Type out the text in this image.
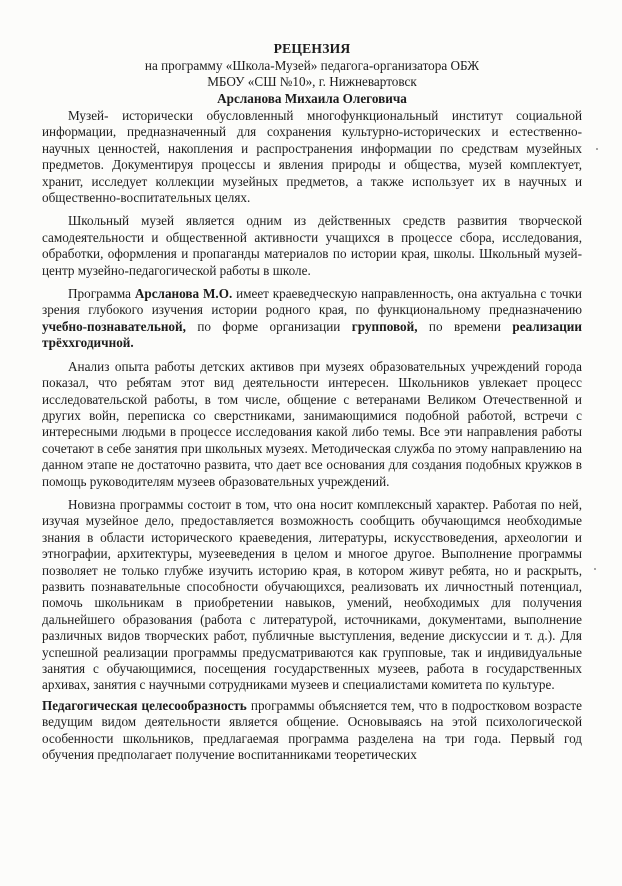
РЕЦЕНЗИЯ
на программу «Школа-Музей» педагога-организатора ОБЖ
МБОУ «СШ №10», г. Нижневартовск
Арсланова Михаила Олеговича

Музей- исторически обусловленный многофункциональный институт социальной информации, предназначенный для сохранения культурно-исторических и естественно-научных ценностей, накопления и распространения информации по средствам музейных предметов. Документируя процессы и явления природы и общества, музей комплектует, хранит, исследует коллекции музейных предметов, а также использует их в научных и общественно-воспитательных целях.

Школьный музей является одним из действенных средств развития творческой самодеятельности и общественной активности учащихся в процессе сбора, исследования, обработки, оформления и пропаганды материалов по истории края, школы. Школьный музей- центр музейно-педагогической работы в школе.

Программа Арсланова М.О. имеет краеведческую направленность, она актуальна с точки зрения глубокого изучения истории родного края, по функциональному предназначению учебно-познавательной, по форме организации групповой, по времени реализации трёххгодичной.

Анализ опыта работы детских активов при музеях образовательных учреждений города показал, что ребятам этот вид деятельности интересен. Школьников увлекает процесс исследовательской работы, в том числе, общение с ветеранами Великом Отечественной и других войн, переписка со сверстниками, занимающимися подобной работой, встречи с интересными людьми в процессе исследования какой либо темы. Все эти направления работы сочетают в себе занятия при школьных музеях. Методическая служба по этому направлению на данном этапе не достаточно развита, что дает все основания для создания подобных кружков в помощь руководителям музеев образовательных учреждений.

Новизна программы состоит в том, что она носит комплексный характер. Работая по ней, изучая музейное дело, предоставляется возможность сообщить обучающимся необходимые знания в области исторического краеведения, литературы, искусствоведения, археологии и этнографии, архитектуры, музееведения в целом и многое другое. Выполнение программы позволяет не только глубже изучить историю края, в котором живут ребята, но и раскрыть, развить познавательные способности обучающихся, реализовать их личностный потенциал, помочь школьникам в приобретении навыков, умений, необходимых для получения дальнейшего образования (работа с литературой, источниками, документами, выполнение различных видов творческих работ, публичные выступления, ведение дискуссии и т. д.). Для успешной реализации программы предусматриваются как групповые, так и индивидуальные занятия с обучающимися, посещения государственных музеев, работа в государственных архивах, занятия с научными сотрудниками музеев и специалистами комитета по культуре.

Педагогическая целесообразность программы объясняется тем, что в подростковом возрасте ведущим видом деятельности является общение. Основываясь на этой психологической особенности школьников, предлагаемая программа разделена на три года. Первый год обучения предполагает получение воспитанниками теоретических
